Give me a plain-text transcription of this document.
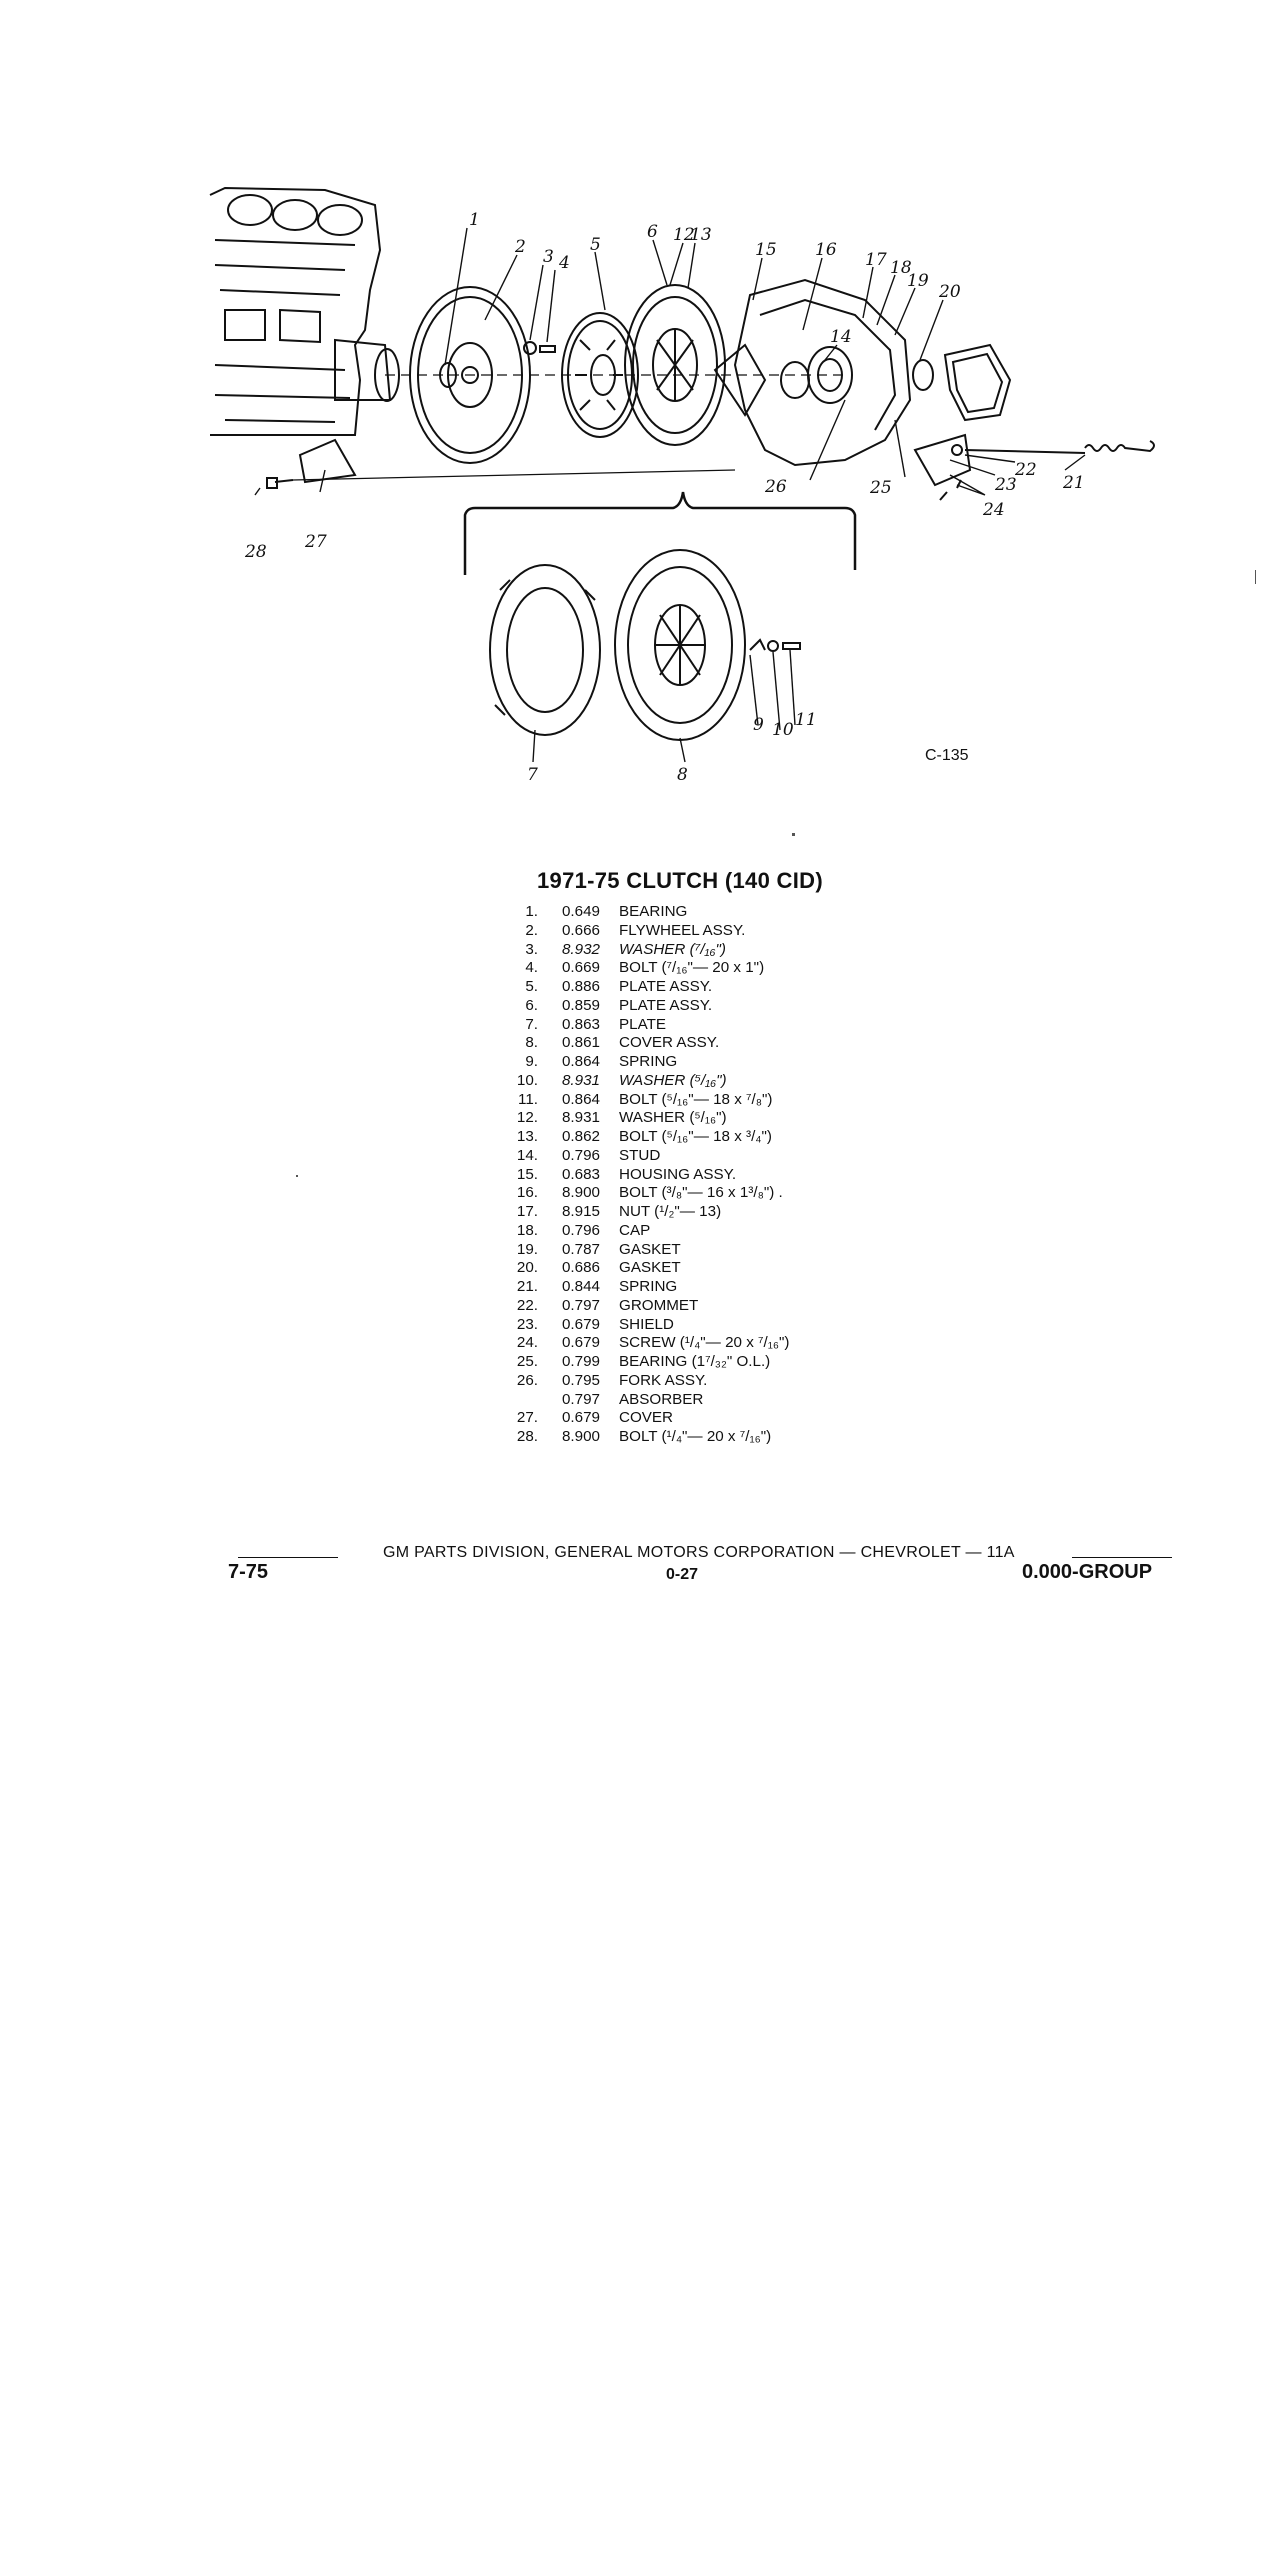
1
2 3 4
5
6 12
13
15 16 17 18
19
20
14
22
21
23
24
25
26
27
28
7	8
9 10 11
C-135
1971-75 CLUTCH (140 CID)
1.	0.649	BEARING
2.	0.666	FLYWHEEL ASSY.
3.	8.932	WASHER (⁷/₁₆")
4.	0.669	BOLT (⁷/₁₆"— 20 x 1")
5.	0.886	PLATE ASSY.
6.	0.859	PLATE ASSY.
7.	0.863	PLATE
8.	0.861	COVER ASSY.
9.	0.864	SPRING
10.	8.931	WASHER (⁵/₁₆")
11.	0.864	BOLT (⁵/₁₆"— 18 x ⁷/₈")
12.	8.931	WASHER (⁵/₁₆")
13.	0.862	BOLT (⁵/₁₆"— 18 x ³/₄")
14.	0.796	STUD
15.	0.683	HOUSING ASSY.
16.	8.900	BOLT (³/₈"— 16 x 1³/₈") .
17.	8.915	NUT (¹/₂"— 13)
18.	0.796	CAP
19.	0.787	GASKET
20.	0.686	GASKET
21.	0.844	SPRING
22.	0.797	GROMMET
23.	0.679	SHIELD
24.	0.679	SCREW (¹/₄"— 20 x ⁷/₁₆")
25.	0.799	BEARING (1⁷/₃₂" O.L.)
26.	0.795	FORK ASSY.
0.797	ABSORBER
27.	0.679	COVER
28.	8.900	BOLT (¹/₄"— 20 x ⁷/₁₆")
GM PARTS DIVISION, GENERAL MOTORS CORPORATION — CHEVROLET — 11A
7-75	0-27	0.000-GROUP
